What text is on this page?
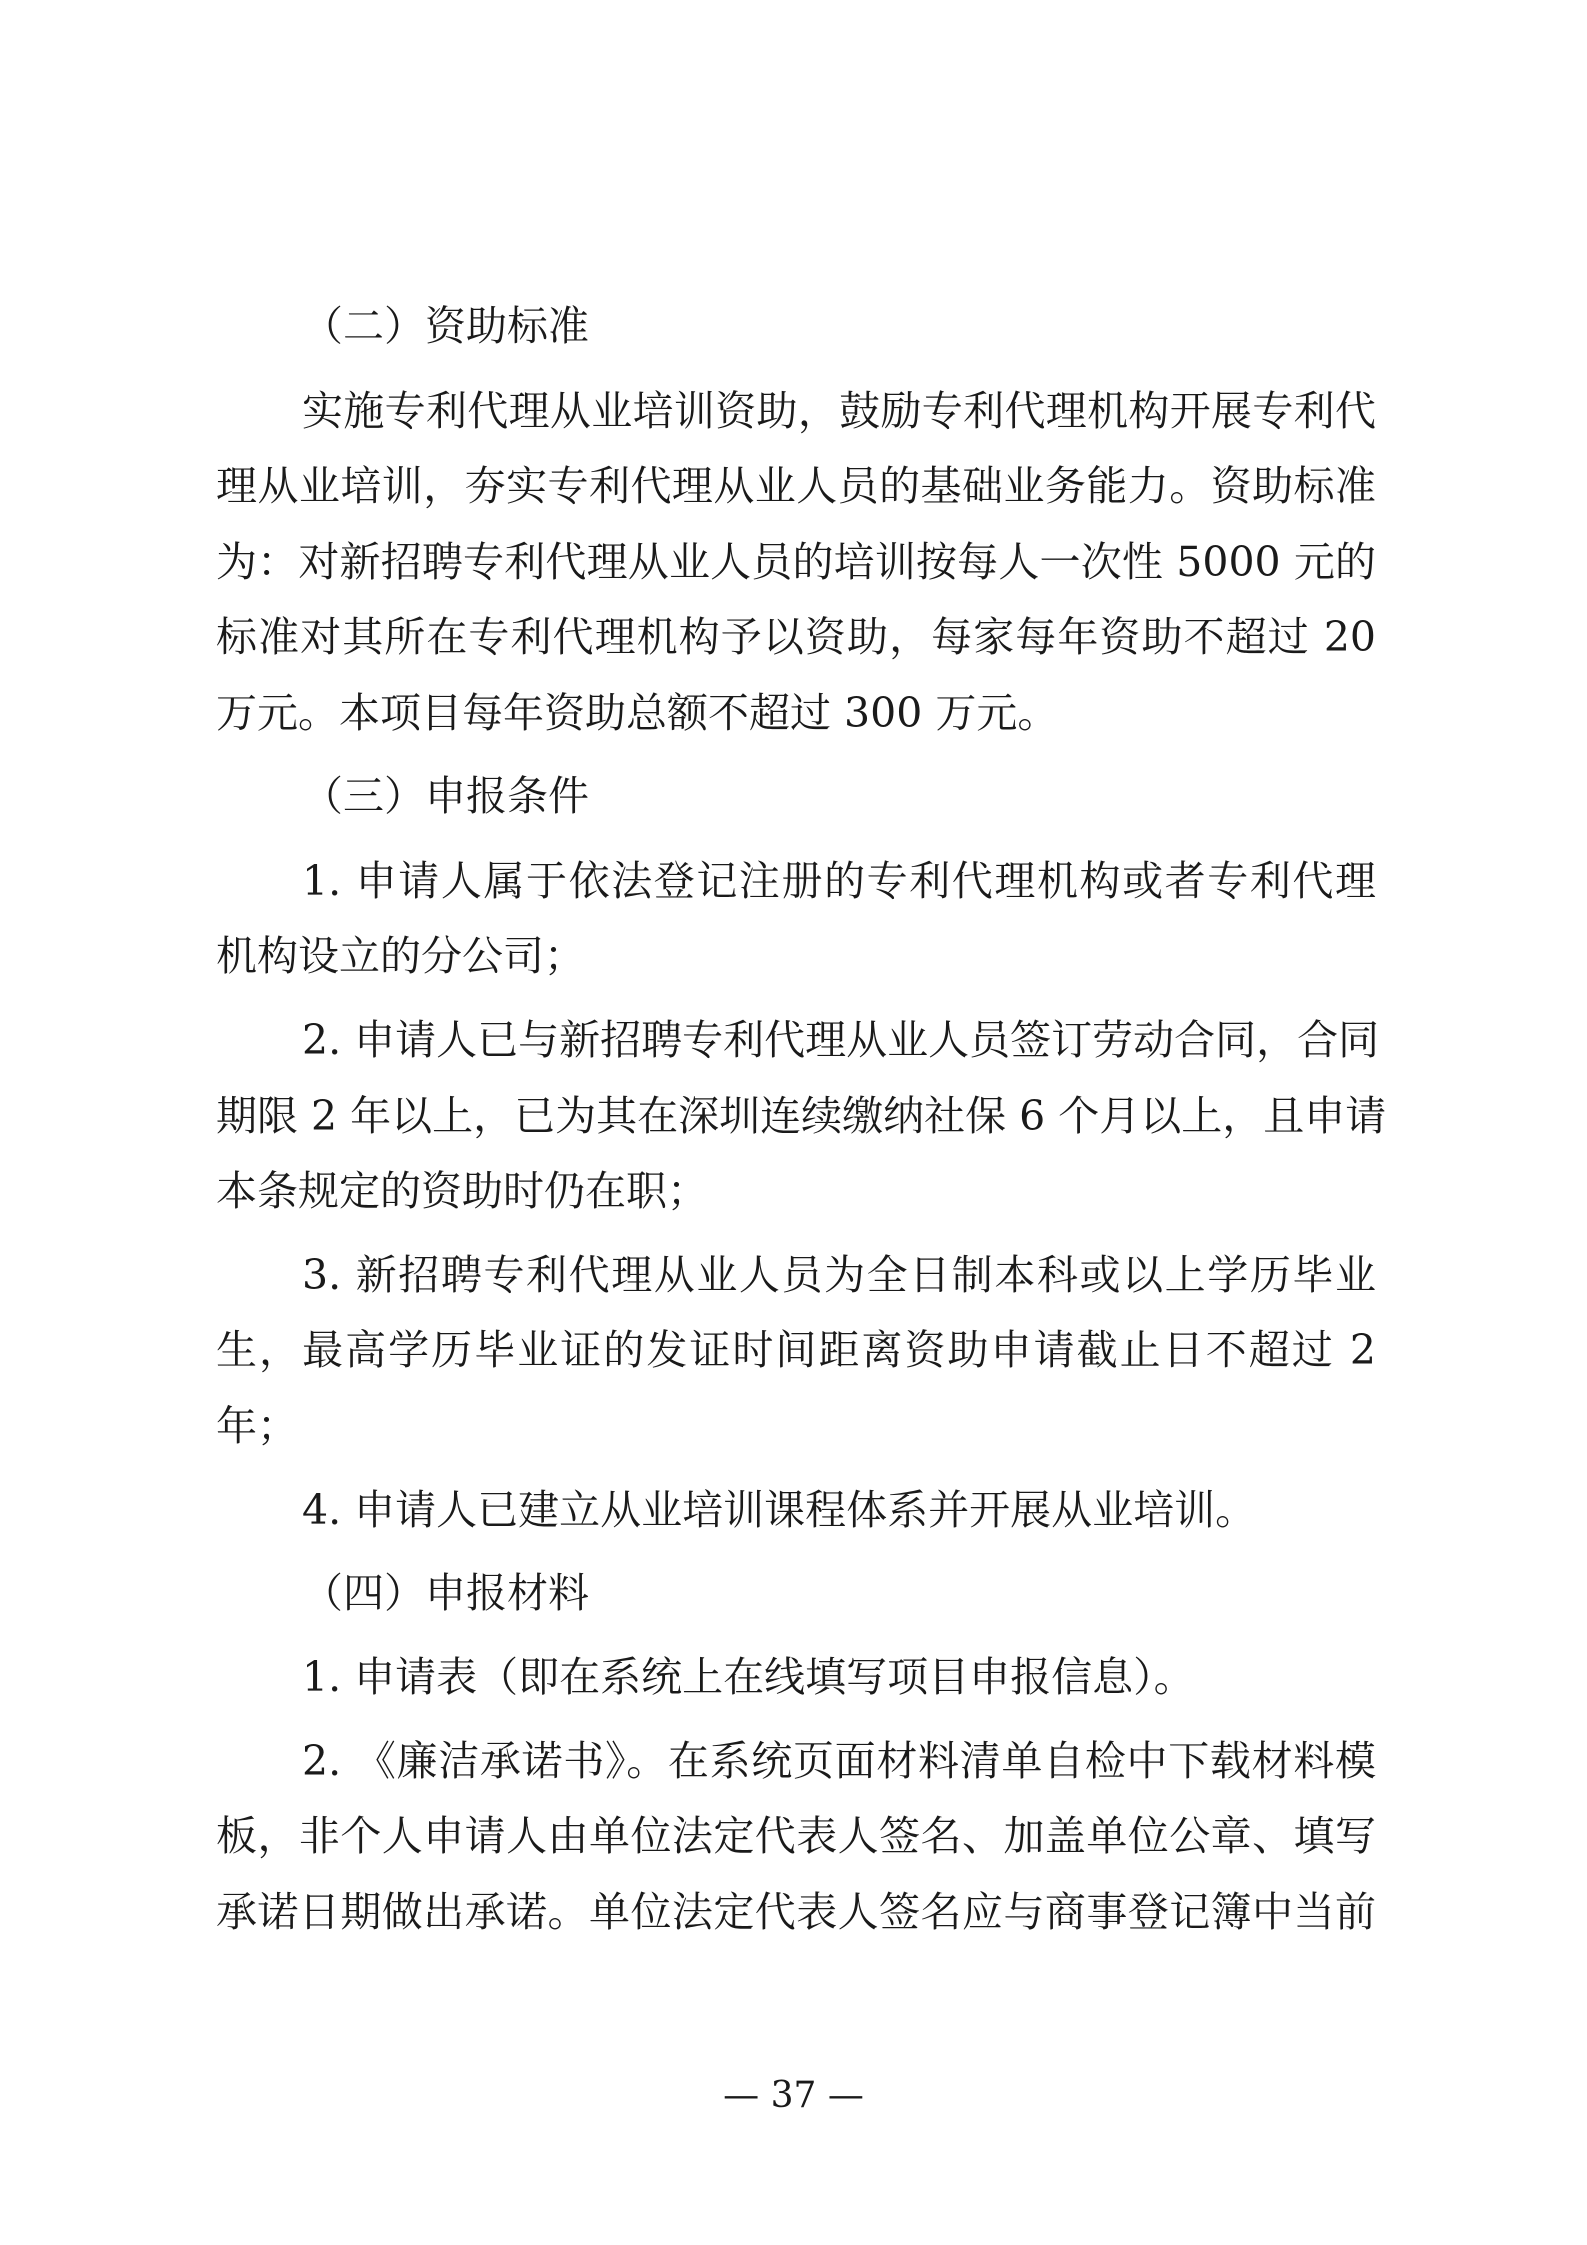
（二）资助标准
实施专利代理从业培训资助，鼓励专利代理机构开展专利代
理从业培训，夯实专利代理从业人员的基础业务能力。资助标准
为：对新招聘专利代理从业人员的培训按每人一次性 5000 元的
标准对其所在专利代理机构予以资助，每家每年资助不超过 20
万元。本项目每年资助总额不超过 300 万元。
（三）申报条件
1. 申请人属于依法登记注册的专利代理机构或者专利代理
机构设立的分公司；
2. 申请人已与新招聘专利代理从业人员签订劳动合同，合同
期限 2 年以上，已为其在深圳连续缴纳社保 6 个月以上，且申请
本条规定的资助时仍在职；
3. 新招聘专利代理从业人员为全日制本科或以上学历毕业
生，最高学历毕业证的发证时间距离资助申请截止日不超过 2
年；
4. 申请人已建立从业培训课程体系并开展从业培训。
（四）申报材料
1. 申请表（即在系统上在线填写项目申报信息）。
2. 《廉洁承诺书》。在系统页面材料清单自检中下载材料模
板，非个人申请人由单位法定代表人签名、加盖单位公章、填写
承诺日期做出承诺。单位法定代表人签名应与商事登记簿中当前
— 37 —
